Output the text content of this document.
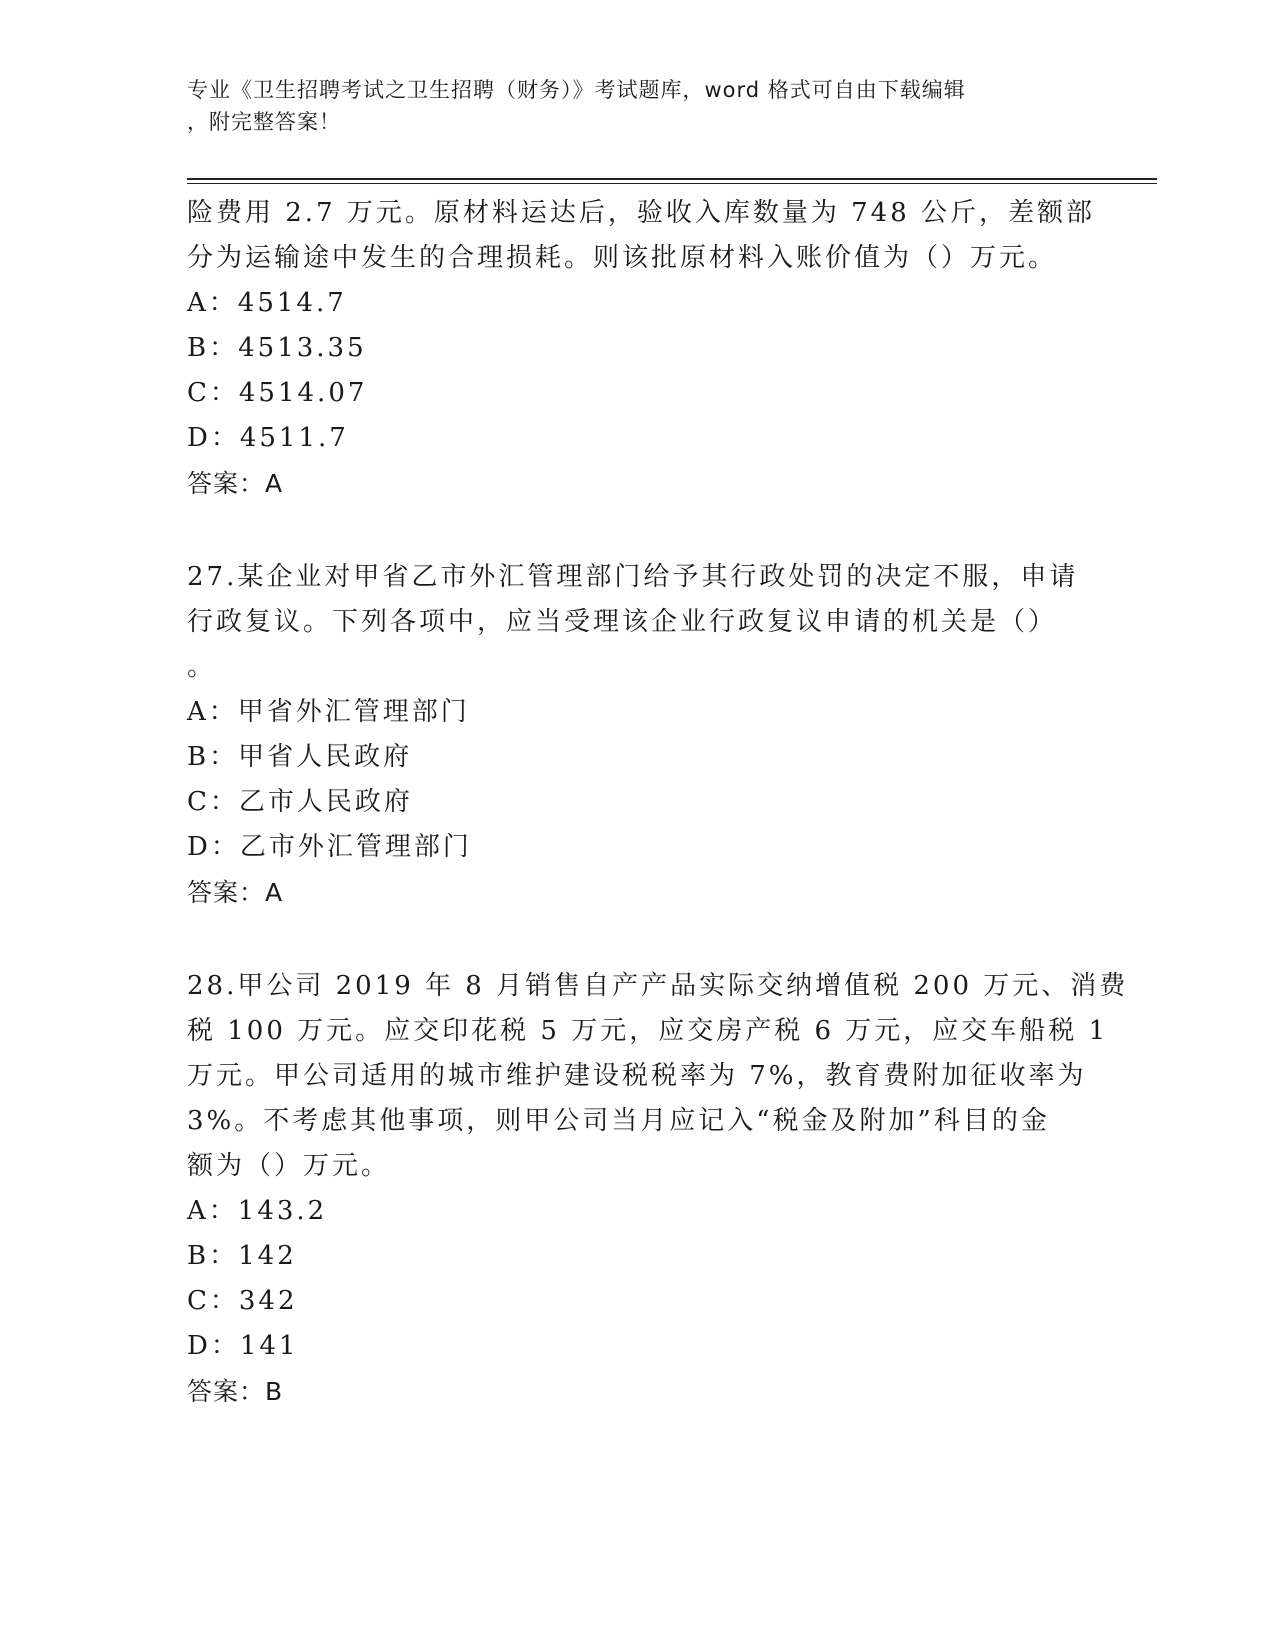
专业《卫生招聘考试之卫生招聘（财务）》考试题库，word 格式可自由下载编辑
，附完整答案！
险费用 2.7 万元。原材料运达后，验收入库数量为 748 公斤，差额部
分为运输途中发生的合理损耗。则该批原材料入账价值为（）万元。
A：4514.7
B：4513.35
C：4514.07
D：4511.7
答案：A
27.某企业对甲省乙市外汇管理部门给予其行政处罚的决定不服，申请
行政复议。下列各项中，应当受理该企业行政复议申请的机关是（）
。
A：甲省外汇管理部门
B：甲省人民政府
C：乙市人民政府
D：乙市外汇管理部门
答案：A
28.甲公司 2019 年 8 月销售自产产品实际交纳增值税 200 万元、消费
税 100 万元。应交印花税 5 万元，应交房产税 6 万元，应交车船税 1
万元。甲公司适用的城市维护建设税税率为 7%，教育费附加征收率为
3%。不考虑其他事项，则甲公司当月应记入“税金及附加”科目的金
额为（）万元。
A：143.2
B：142
C：342
D：141
答案：B
